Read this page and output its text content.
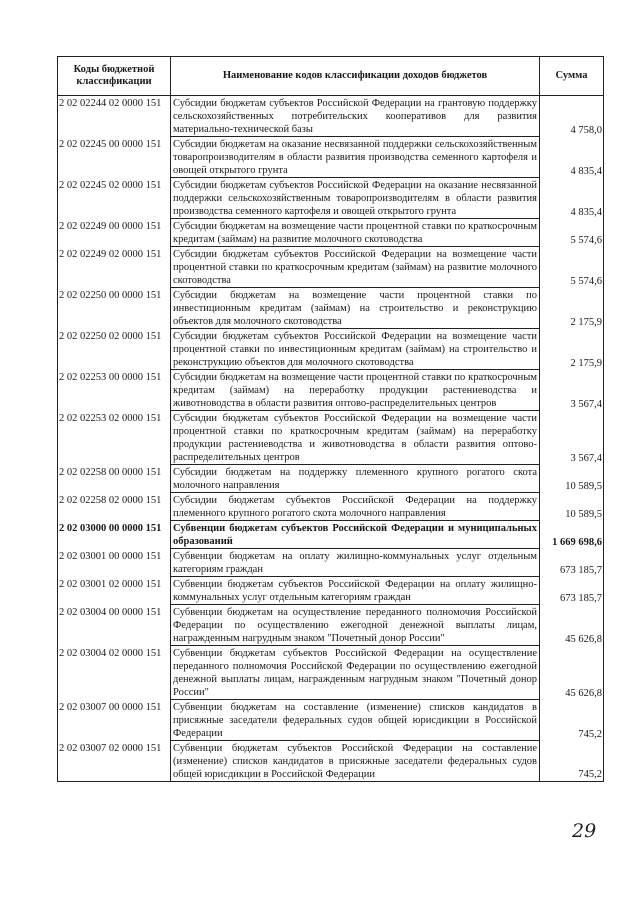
Коды бюджетной классификации	Наименование кодов классификации доходов бюджетов	Сумма
2 02 02244 02 0000 151	Субсидии бюджетам субъектов Российской Федерации на грантовую поддержку сельскохозяйственных потребительских кооперативов для развития материально-технической базы	4 758,0
2 02 02245 00 0000 151	Субсидии бюджетам на оказание несвязанной поддержки сельскохозяйственным товаропроизводителям в области развития производства семенного картофеля и овощей открытого грунта	4 835,4
2 02 02245 02 0000 151	Субсидии бюджетам субъектов Российской Федерации на оказание несвязанной поддержки сельскохозяйственным товаропроизводителям в области развития производства семенного картофеля и овощей открытого грунта	4 835,4
2 02 02249 00 0000 151	Субсидии бюджетам на возмещение части процентной ставки по краткосрочным кредитам (займам) на развитие молочного скотоводства	5 574,6
2 02 02249 02 0000 151	Субсидии бюджетам субъектов Российской Федерации на возмещение части процентной ставки по краткосрочным кредитам (займам) на развитие молочного скотоводства	5 574,6
2 02 02250 00 0000 151	Субсидии бюджетам на возмещение части процентной ставки по инвестиционным кредитам (займам) на строительство и реконструкцию объектов для молочного скотоводства	2 175,9
2 02 02250 02 0000 151	Субсидии бюджетам субъектов Российской Федерации на возмещение части процентной ставки по инвестиционным кредитам (займам) на строительство и реконструкцию объектов для молочного скотоводства	2 175,9
2 02 02253 00 0000 151	Субсидии бюджетам на возмещение части процентной ставки по краткосрочным кредитам (займам) на переработку продукции растениеводства и животноводства в области развития оптово-распределительных центров	3 567,4
2 02 02253 02 0000 151	Субсидии бюджетам субъектов Российской Федерации на возмещение части процентной ставки по краткосрочным кредитам (займам) на переработку продукции растениеводства и животноводства в области развития оптово-распределительных центров	3 567,4
2 02 02258 00 0000 151	Субсидии бюджетам на поддержку племенного крупного рогатого скота молочного направления	10 589,5
2 02 02258 02 0000 151	Субсидии бюджетам субъектов Российской Федерации на поддержку племенного крупного рогатого скота молочного направления	10 589,5
2 02 03000 00 0000 151	Субвенции бюджетам субъектов Российской Федерации и муниципальных образований	1 669 698,6
2 02 03001 00 0000 151	Субвенции бюджетам на оплату жилищно-коммунальных услуг отдельным категориям граждан	673 185,7
2 02 03001 02 0000 151	Субвенции бюджетам субъектов Российской Федерации на оплату жилищно-коммунальных услуг отдельным категориям граждан	673 185,7
2 02 03004 00 0000 151	Субвенции бюджетам на осуществление переданного полномочия Российской Федерации по осуществлению ежегодной денежной выплаты лицам, награжденным нагрудным знаком "Почетный донор России"	45 626,8
2 02 03004 02 0000 151	Субвенции бюджетам субъектов Российской Федерации на осуществление переданного полномочия Российской Федерации по осуществлению ежегодной денежной выплаты лицам, награжденным нагрудным знаком "Почетный донор России"	45 626,8
2 02 03007 00 0000 151	Субвенции бюджетам на составление (изменение) списков кандидатов в присяжные заседатели федеральных судов общей юрисдикции в Российской Федерации	745,2
2 02 03007 02 0000 151	Субвенции бюджетам субъектов Российской Федерации на составление (изменение) списков кандидатов в присяжные заседатели федеральных судов общей юрисдикции в Российской Федерации	745,2
29
